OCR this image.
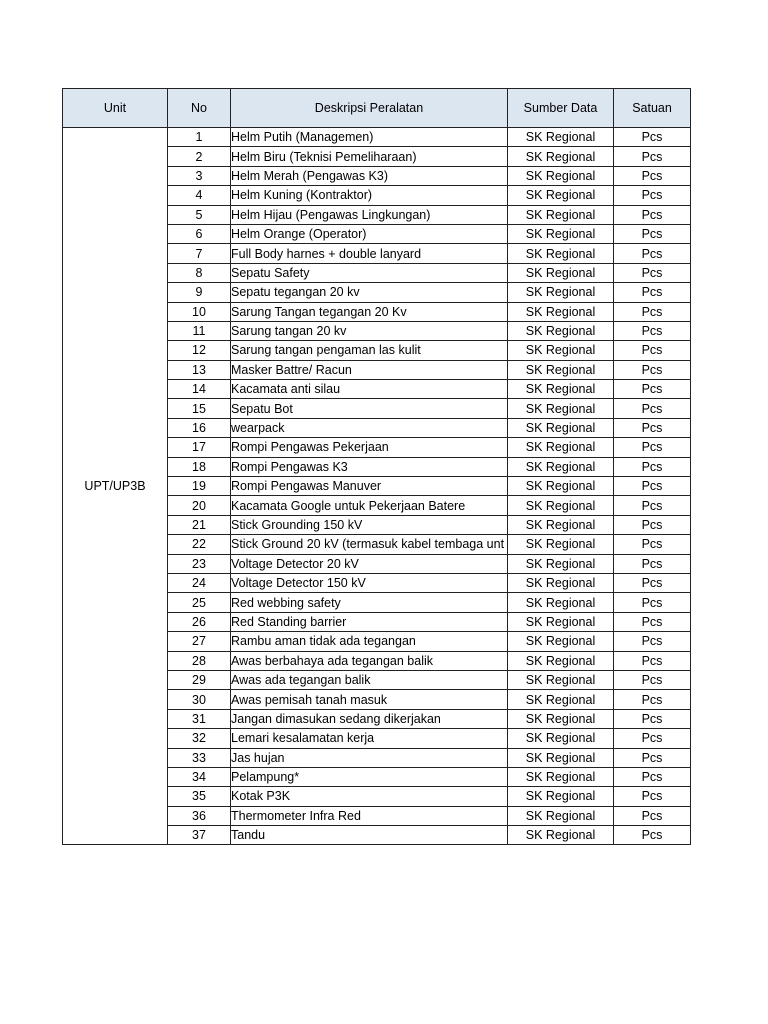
Unit	No	Deskripsi Peralatan	Sumber Data	Satuan
UPT/UP3B	1	Helm Putih (Managemen)	SK Regional	Pcs
	2	Helm Biru (Teknisi Pemeliharaan)	SK Regional	Pcs
	3	Helm Merah (Pengawas K3)	SK Regional	Pcs
	4	Helm Kuning (Kontraktor)	SK Regional	Pcs
	5	Helm Hijau (Pengawas Lingkungan)	SK Regional	Pcs
	6	Helm Orange (Operator)	SK Regional	Pcs
	7	Full Body harnes + double lanyard	SK Regional	Pcs
	8	Sepatu Safety	SK Regional	Pcs
	9	Sepatu tegangan 20 kv	SK Regional	Pcs
	10	Sarung Tangan tegangan 20 Kv	SK Regional	Pcs
	11	Sarung tangan 20 kv	SK Regional	Pcs
	12	Sarung tangan pengaman las kulit	SK Regional	Pcs
	13	Masker Battre/ Racun	SK Regional	Pcs
	14	Kacamata anti silau	SK Regional	Pcs
	15	Sepatu Bot	SK Regional	Pcs
	16	wearpack	SK Regional	Pcs
	17	Rompi Pengawas Pekerjaan	SK Regional	Pcs
	18	Rompi Pengawas K3	SK Regional	Pcs
	19	Rompi Pengawas Manuver	SK Regional	Pcs
	20	Kacamata Google untuk Pekerjaan Batere	SK Regional	Pcs
	21	Stick Grounding 150 kV	SK Regional	Pcs
	22	Stick Ground 20 kV (termasuk kabel tembaga unt	SK Regional	Pcs
	23	Voltage Detector 20 kV	SK Regional	Pcs
	24	Voltage Detector 150 kV	SK Regional	Pcs
	25	Red webbing safety	SK Regional	Pcs
	26	Red Standing barrier	SK Regional	Pcs
	27	Rambu aman tidak ada tegangan	SK Regional	Pcs
	28	Awas berbahaya ada tegangan balik	SK Regional	Pcs
	29	Awas ada tegangan balik	SK Regional	Pcs
	30	Awas pemisah tanah masuk	SK Regional	Pcs
	31	Jangan dimasukan sedang dikerjakan	SK Regional	Pcs
	32	Lemari kesalamatan kerja	SK Regional	Pcs
	33	Jas hujan	SK Regional	Pcs
	34	Pelampung*	SK Regional	Pcs
	35	Kotak P3K	SK Regional	Pcs
	36	Thermometer Infra Red	SK Regional	Pcs
	37	Tandu	SK Regional	Pcs
